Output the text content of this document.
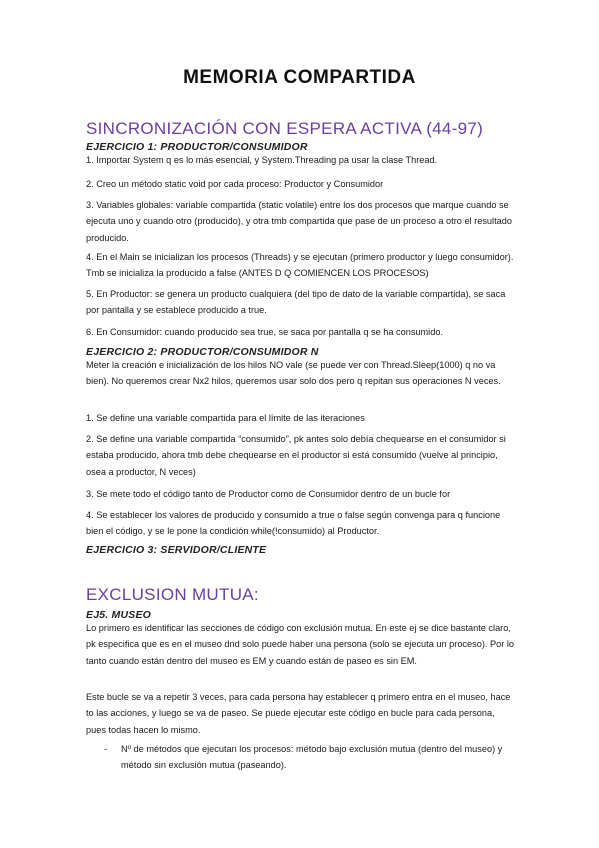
MEMORIA COMPARTIDA
SINCRONIZACIÓN CON ESPERA ACTIVA (44-97)
EJERCICIO 1: PRODUCTOR/CONSUMIDOR
1. Importar System q es lo más esencial, y System.Threading pa usar la clase Thread.
2. Creo un método static void por cada proceso: Productor y Consumidor
3. Variables globales: variable compartida (static volatile) entre los dos procesos que marque cuando se ejecuta uno y cuando otro (producido), y otra tmb compartida que pase de un proceso a otro el resultado producido.
4. En el Main se inicializan los procesos (Threads) y se ejecutan (primero productor y luego consumidor). Tmb se inicializa la producido a false (ANTES D Q COMIENCEN LOS PROCESOS)
5. En Productor: se genera un producto cualquiera (del tipo de dato de la variable compartida), se saca por pantalla y se establece producido a true.
6. En Consumidor: cuando producido sea true, se saca por pantalla q se ha consumido.
EJERCICIO 2: PRODUCTOR/CONSUMIDOR N
Meter la creación e inicialización de los hilos NO vale (se puede ver con Thread.Sleep(1000) q no va bien). No queremos crear Nx2 hilos, queremos usar solo dos pero q repitan sus operaciones N veces.
1. Se define una variable compartida para el límite de las iteraciones
2. Se define una variable compartida “consumido”, pk antes solo debía chequearse en el consumidor si estaba producido, ahora tmb debe chequearse en el productor si está consumido (vuelve al principio, osea a productor, N veces)
3. Se mete todo el código tanto de Productor como de Consumidor dentro de un bucle for
4. Se establecer los valores de producido y consumido a true o false según convenga para q funcione bien el código, y se le pone la condición while(!consumido) al Productor.
EJERCICIO 3: SERVIDOR/CLIENTE
EXCLUSION MUTUA:
EJ5. MUSEO
Lo primero es identificar las secciones de código con exclusión mutua. En este ej se dice bastante claro, pk especifica que es en el museo dnd solo puede haber una persona (solo se ejecuta un proceso). Por lo tanto cuando están dentro del museo es EM y cuando están de paseo es sin EM.
Este bucle se va a repetir 3 veces, para cada persona hay establecer q primero entra en el museo, hace to las acciones, y luego se va de paseo. Se puede ejecutar este código en bucle para cada persona, pues todas hacen lo mismo.
- Nº de métodos que ejecutan los procesos: método bajo exclusión mutua (dentro del museo) y método sin exclusión mutua (paseando).
